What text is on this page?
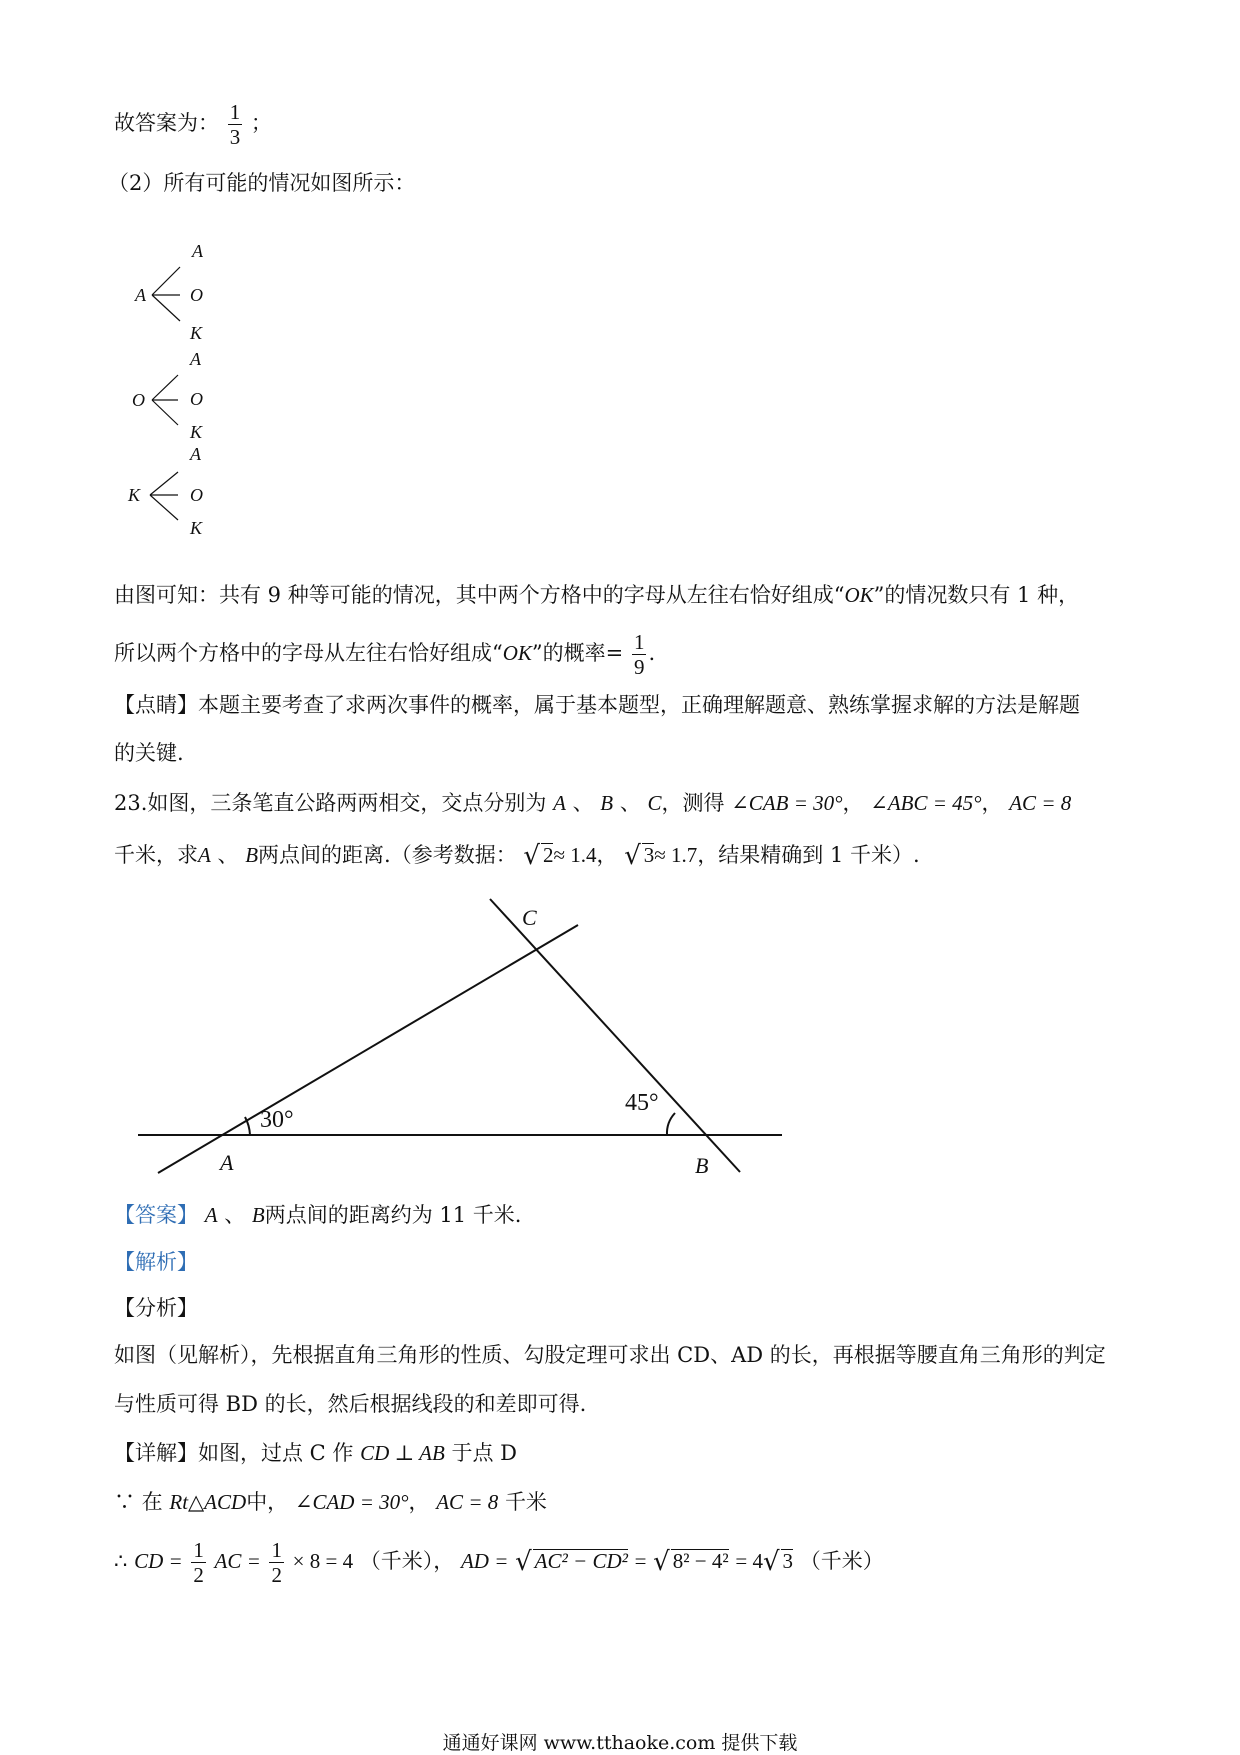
故答案为： $\frac{1}{3}$ ；
（2）所有可能的情况如图所示：
A
A
O
K
O
A
O
K
K
A
O
K
由图可知：共有 9 种等可能的情况，其中两个方格中的字母从左往右恰好组成“OK”的情况数只有 1 种，
所以两个方格中的字母从左往右恰好组成“OK”的概率= $\frac{1}{9}$ .
【点睛】本题主要考查了求两次事件的概率，属于基本题型，正确理解题意、熟练掌握求解的方法是解题
的关键.
23.如图，三条笔直公路两两相交，交点分别为 A 、 B 、 C，测得 ∠CAB = 30°， ∠ABC = 45°， AC = 8
千米，求A 、 B两点间的距离.（参考数据： √ 2≈ 1.4， √ 3≈ 1.7，结果精确到 1 千米）.
C
A	B
30°
45°
【答案】 A 、 B两点间的距离约为 11 千米.
【解析】
【分析】
如图（见解析），先根据直角三角形的性质、勾股定理可求出 CD、AD 的长，再根据等腰直角三角形的判定
与性质可得 BD 的长，然后根据线段的和差即可得.
【详解】如图，过点 C 作 CD ⊥ AB 于点 D
∵ 在 Rt△ACD中， ∠CAD = 30°， AC = 8 千米
∴ CD = $\frac{1}{2}$ AC = $\frac{1}{2} \times 8 = 4$ （千米）， AD = √ AC² − CD² = √ 8² − 4² = 4√ 3 （千米）
通通好课网 www.tthaoke.com 提供下载
